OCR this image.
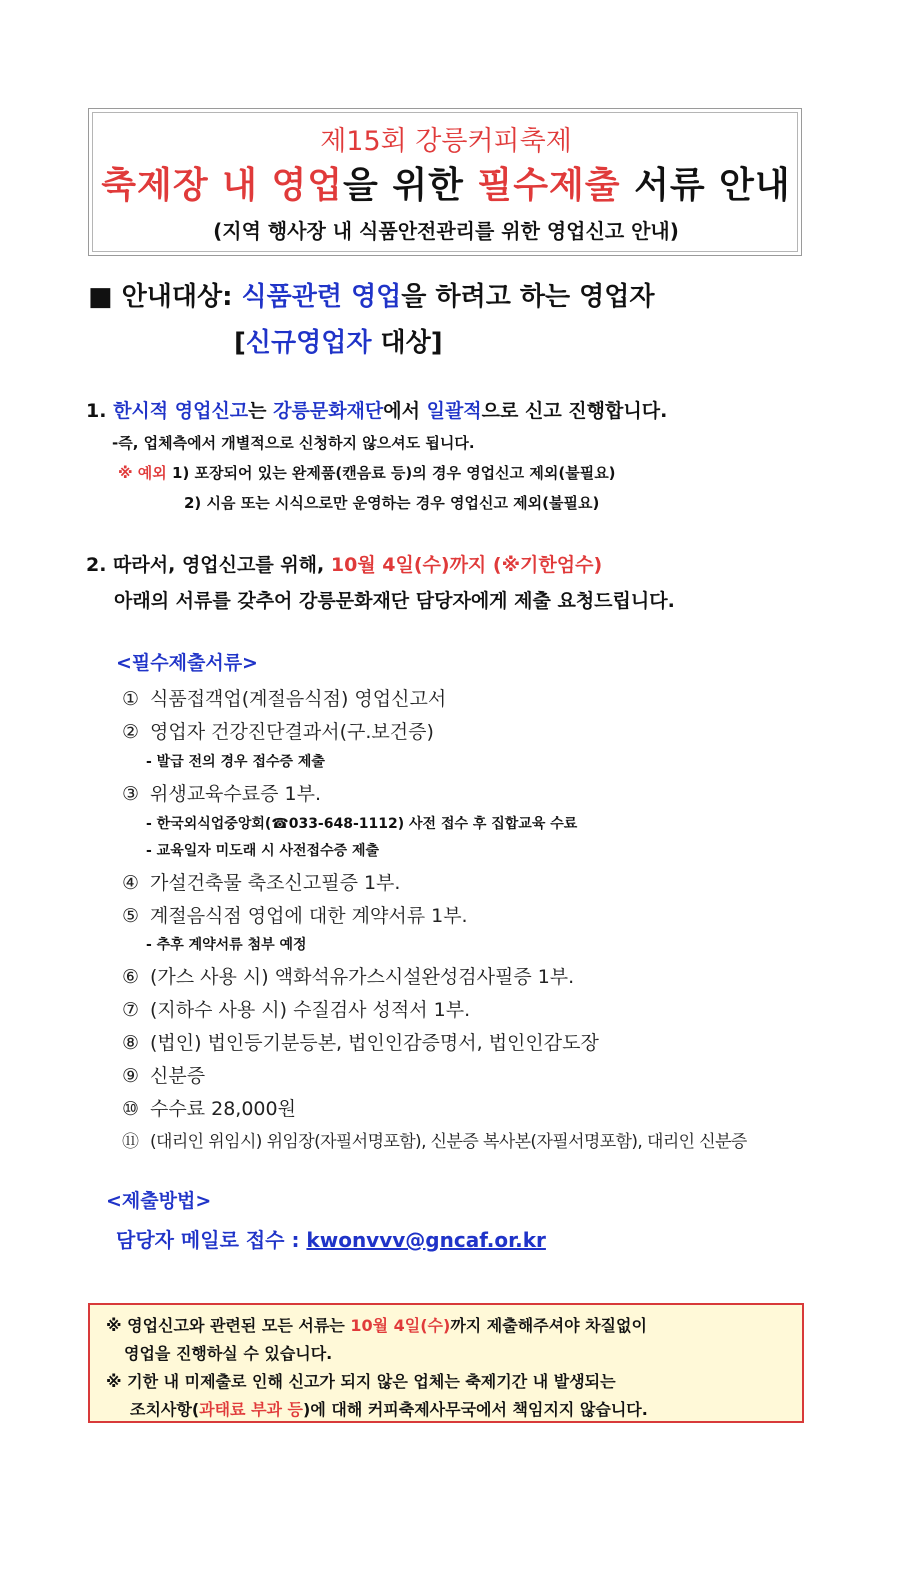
제15회 강릉커피축제
축제장 내 영업을 위한 필수제출 서류 안내
(지역 행사장 내 식품안전관리를 위한 영업신고 안내)
■ 안내대상: 식품관련 영업을 하려고 하는 영업자
[신규영업자 대상]
1. 한시적 영업신고는 강릉문화재단에서 일괄적으로 신고 진행합니다.
-즉, 업체측에서 개별적으로 신청하지 않으셔도 됩니다.
※ 예외 1) 포장되어 있는 완제품(캔음료 등)의 경우 영업신고 제외(불필요)
2) 시음 또는 시식으로만 운영하는 경우 영업신고 제외(불필요)
2. 따라서, 영업신고를 위해, 10월 4일(수)까지 (※기한엄수)
아래의 서류를 갖추어 강릉문화재단 담당자에게 제출 요청드립니다.
<필수제출서류>
① 식품접객업(계절음식점) 영업신고서
② 영업자 건강진단결과서(구.보건증)
- 발급 전의 경우 접수증 제출
③ 위생교육수료증 1부.
- 한국외식업중앙회(☎033-648-1112) 사전 접수 후 집합교육 수료
- 교육일자 미도래 시 사전접수증 제출
④ 가설건축물 축조신고필증 1부.
⑤ 계절음식점 영업에 대한 계약서류 1부.
- 추후 계약서류 첨부 예정
⑥ (가스 사용 시) 액화석유가스시설완성검사필증 1부.
⑦ (지하수 사용 시) 수질검사 성적서 1부.
⑧ (법인) 법인등기분등본, 법인인감증명서, 법인인감도장
⑨ 신분증
⑩ 수수료 28,000원
⑪ (대리인 위임시) 위임장(자필서명포함), 신분증 복사본(자필서명포함), 대리인 신분증
<제출방법>
담당자 메일로 접수 : kwonvvv@gncaf.or.kr
※ 영업신고와 관련된 모든 서류는 10월 4일(수)까지 제출해주셔야 차질없이
영업을 진행하실 수 있습니다.
※ 기한 내 미제출로 인해 신고가 되지 않은 업체는 축제기간 내 발생되는
조치사항(과태료 부과 등)에 대해 커피축제사무국에서 책임지지 않습니다.
